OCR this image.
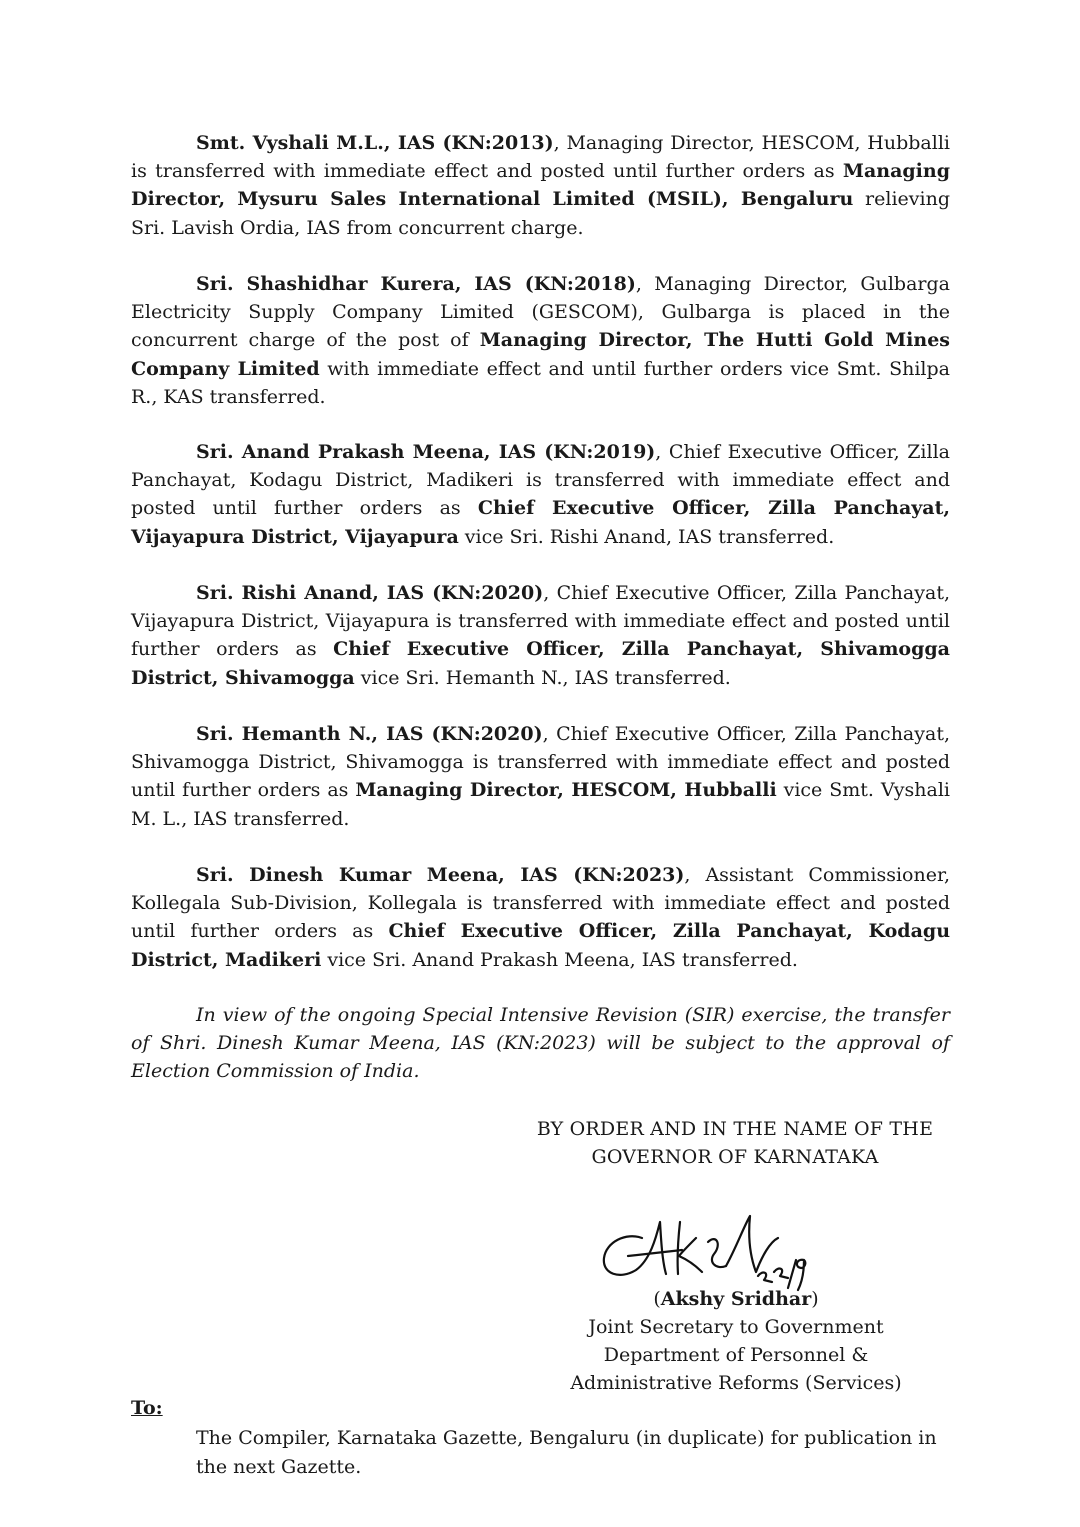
Smt. Vyshali M.L., IAS (KN:2013), Managing Director, HESCOM, Hubballi is transferred with immediate effect and posted until further orders as Managing Director, Mysuru Sales International Limited (MSIL), Bengaluru relieving Sri. Lavish Ordia, IAS from concurrent charge.

Sri. Shashidhar Kurera, IAS (KN:2018), Managing Director, Gulbarga Electricity Supply Company Limited (GESCOM), Gulbarga is placed in the concurrent charge of the post of Managing Director, The Hutti Gold Mines Company Limited with immediate effect and until further orders vice Smt. Shilpa R., KAS transferred.

Sri. Anand Prakash Meena, IAS (KN:2019), Chief Executive Officer, Zilla Panchayat, Kodagu District, Madikeri is transferred with immediate effect and posted until further orders as Chief Executive Officer, Zilla Panchayat, Vijayapura District, Vijayapura vice Sri. Rishi Anand, IAS transferred.

Sri. Rishi Anand, IAS (KN:2020), Chief Executive Officer, Zilla Panchayat, Vijayapura District, Vijayapura is transferred with immediate effect and posted until further orders as Chief Executive Officer, Zilla Panchayat, Shivamogga District, Shivamogga vice Sri. Hemanth N., IAS transferred.

Sri. Hemanth N., IAS (KN:2020), Chief Executive Officer, Zilla Panchayat, Shivamogga District, Shivamogga is transferred with immediate effect and posted until further orders as Managing Director, HESCOM, Hubballi vice Smt. Vyshali M. L., IAS transferred.

Sri. Dinesh Kumar Meena, IAS (KN:2023), Assistant Commissioner, Kollegala Sub-Division, Kollegala is transferred with immediate effect and posted until further orders as Chief Executive Officer, Zilla Panchayat, Kodagu District, Madikeri vice Sri. Anand Prakash Meena, IAS transferred.

In view of the ongoing Special Intensive Revision (SIR) exercise, the transfer of Shri. Dinesh Kumar Meena, IAS (KN:2023) will be subject to the approval of Election Commission of India.

BY ORDER AND IN THE NAME OF THE
GOVERNOR OF KARNATAKA

(Akshy Sridhar)
Joint Secretary to Government
Department of Personnel &
Administrative Reforms (Services)

To:

The Compiler, Karnataka Gazette, Bengaluru (in duplicate) for publication in the next Gazette.
